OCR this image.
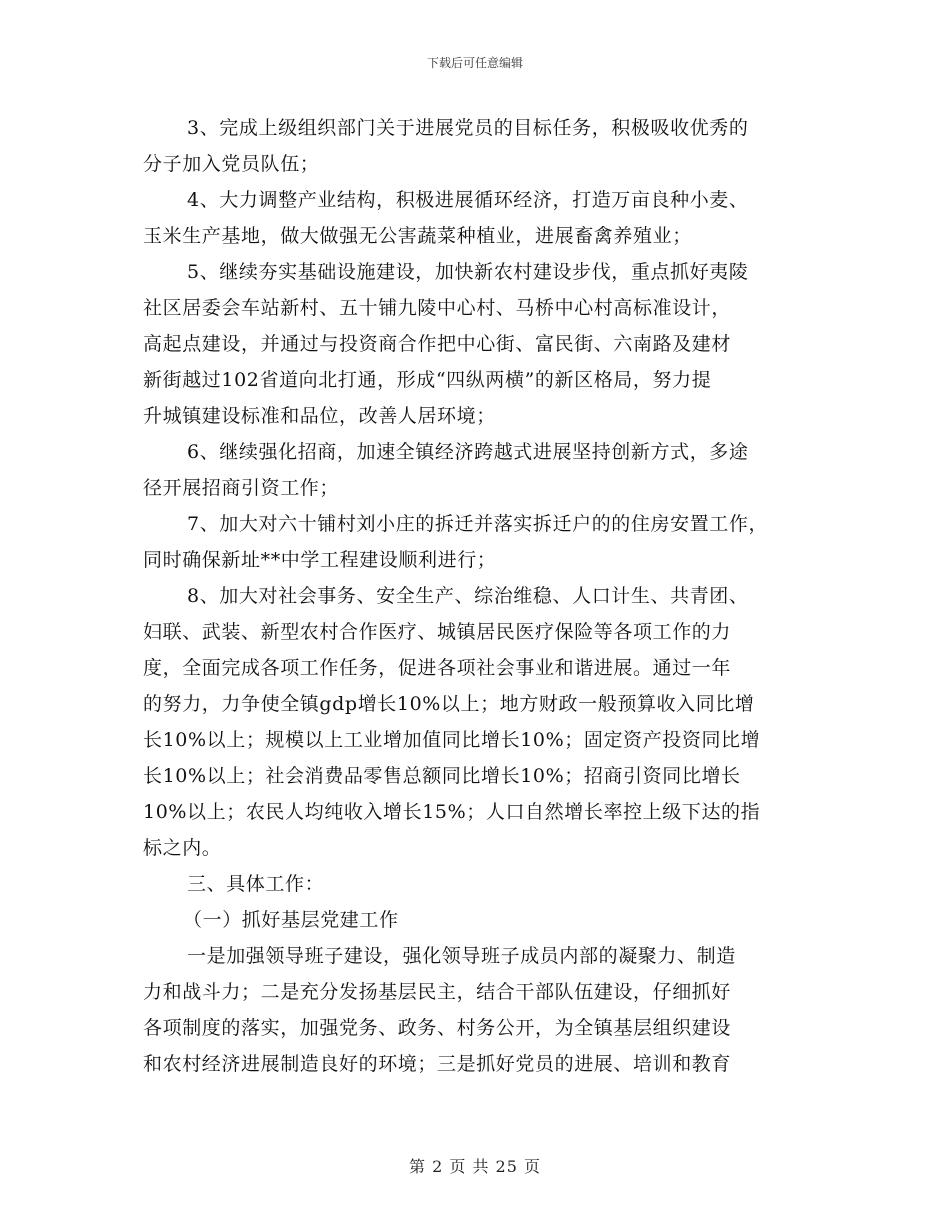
下载后可任意编辑
3、完成上级组织部门关于进展党员的目标任务，积极吸收优秀的
分子加入党员队伍；
4、大力调整产业结构，积极进展循环经济，打造万亩良种小麦、
玉米生产基地，做大做强无公害蔬菜种植业，进展畜禽养殖业；
5、继续夯实基础设施建设，加快新农村建设步伐，重点抓好夷陵
社区居委会车站新村、五十铺九陵中心村、马桥中心村高标准设计，
高起点建设，并通过与投资商合作把中心街、富民街、六南路及建材
新街越过102省道向北打通，形成“四纵两横”的新区格局，努力提
升城镇建设标准和品位，改善人居环境；
6、继续强化招商，加速全镇经济跨越式进展坚持创新方式，多途
径开展招商引资工作；
7、加大对六十铺村刘小庄的拆迁并落实拆迁户的的住房安置工作，
同时确保新址**中学工程建设顺利进行；
8、加大对社会事务、安全生产、综治维稳、人口计生、共青团、
妇联、武装、新型农村合作医疗、城镇居民医疗保险等各项工作的力
度，全面完成各项工作任务，促进各项社会事业和谐进展。通过一年
的努力，力争使全镇gdp增长10%以上；地方财政一般预算收入同比增
长10%以上；规模以上工业增加值同比增长10%；固定资产投资同比增
长10%以上；社会消费品零售总额同比增长10%；招商引资同比增长
10%以上；农民人均纯收入增长15%；人口自然增长率控上级下达的指
标之内。
三、具体工作：
（一）抓好基层党建工作
一是加强领导班子建设，强化领导班子成员内部的凝聚力、制造
力和战斗力；二是充分发扬基层民主，结合干部队伍建设，仔细抓好
各项制度的落实，加强党务、政务、村务公开，为全镇基层组织建设
和农村经济进展制造良好的环境；三是抓好党员的进展、培训和教育
第 2 页 共 25 页
